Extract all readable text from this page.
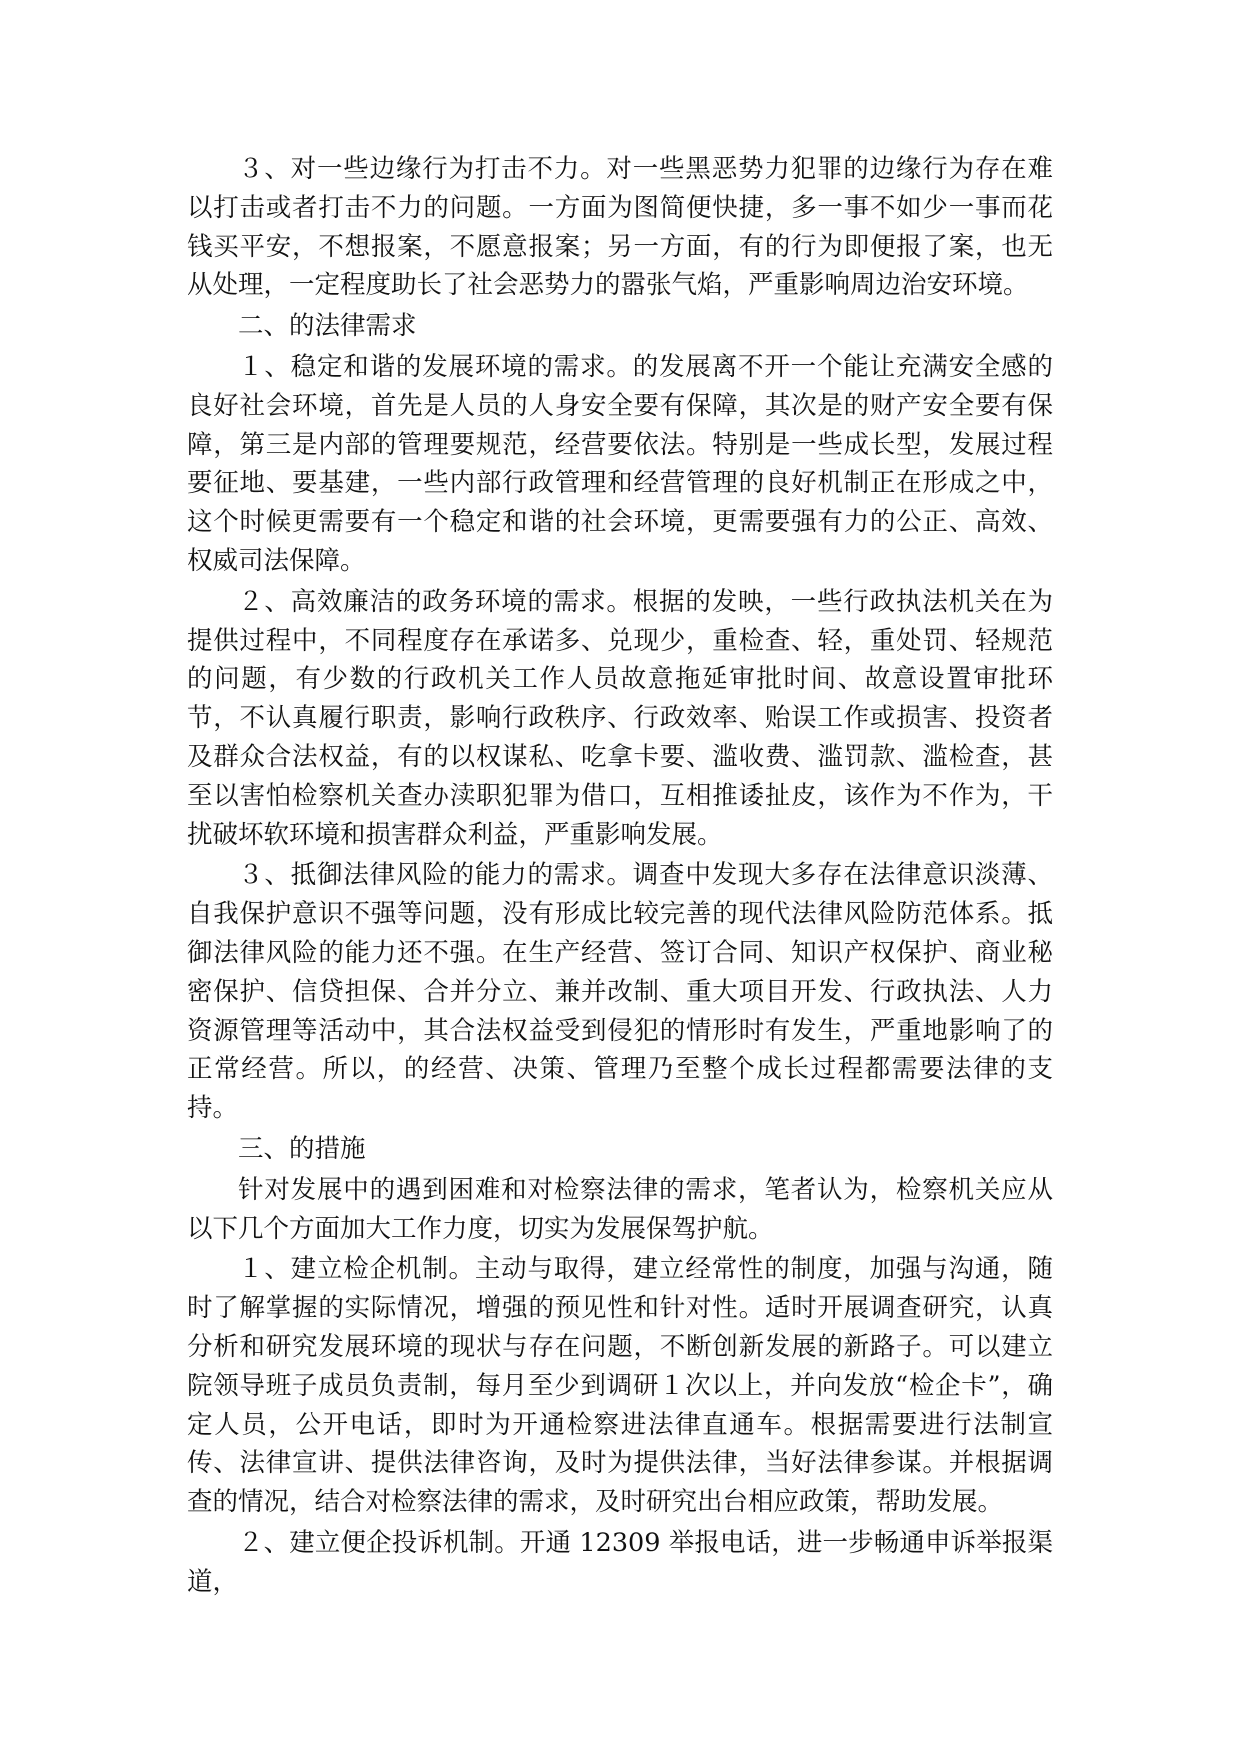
３、对一些边缘行为打击不力。对一些黑恶势力犯罪的边缘行为存在难以打击或者打击不力的问题。一方面为图简便快捷，多一事不如少一事而花钱买平安，不想报案，不愿意报案；另一方面，有的行为即便报了案，也无从处理，一定程度助长了社会恶势力的嚣张气焰，严重影响周边治安环境。

二、的法律需求

１、稳定和谐的发展环境的需求。的发展离不开一个能让充满安全感的良好社会环境，首先是人员的人身安全要有保障，其次是的财产安全要有保障，第三是内部的管理要规范，经营要依法。特别是一些成长型，发展过程要征地、要基建，一些内部行政管理和经营管理的良好机制正在形成之中，这个时候更需要有一个稳定和谐的社会环境，更需要强有力的公正、高效、权威司法保障。

２、高效廉洁的政务环境的需求。根据的发映，一些行政执法机关在为提供过程中，不同程度存在承诺多、兑现少，重检查、轻，重处罚、轻规范的问题，有少数的行政机关工作人员故意拖延审批时间、故意设置审批环节，不认真履行职责，影响行政秩序、行政效率、贻误工作或损害、投资者及群众合法权益，有的以权谋私、吃拿卡要、滥收费、滥罚款、滥检查，甚至以害怕检察机关查办渎职犯罪为借口，互相推诿扯皮，该作为不作为，干扰破坏软环境和损害群众利益，严重影响发展。

３、抵御法律风险的能力的需求。调查中发现大多存在法律意识淡薄、自我保护意识不强等问题，没有形成比较完善的现代法律风险防范体系。抵御法律风险的能力还不强。在生产经营、签订合同、知识产权保护、商业秘密保护、信贷担保、合并分立、兼并改制、重大项目开发、行政执法、人力资源管理等活动中，其合法权益受到侵犯的情形时有发生，严重地影响了的正常经营。所以，的经营、决策、管理乃至整个成长过程都需要法律的支持。

三、的措施

针对发展中的遇到困难和对检察法律的需求，笔者认为，检察机关应从以下几个方面加大工作力度，切实为发展保驾护航。

１、建立检企机制。主动与取得，建立经常性的制度，加强与沟通，随时了解掌握的实际情况，增强的预见性和针对性。适时开展调查研究，认真分析和研究发展环境的现状与存在问题，不断创新发展的新路子。可以建立院领导班子成员负责制，每月至少到调研１次以上，并向发放“检企卡”，确定人员，公开电话，即时为开通检察进法律直通车。根据需要进行法制宣传、法律宣讲、提供法律咨询，及时为提供法律，当好法律参谋。并根据调查的情况，结合对检察法律的需求，及时研究出台相应政策，帮助发展。

２、建立便企投诉机制。开通 12309 举报电话，进一步畅通申诉举报渠道，
